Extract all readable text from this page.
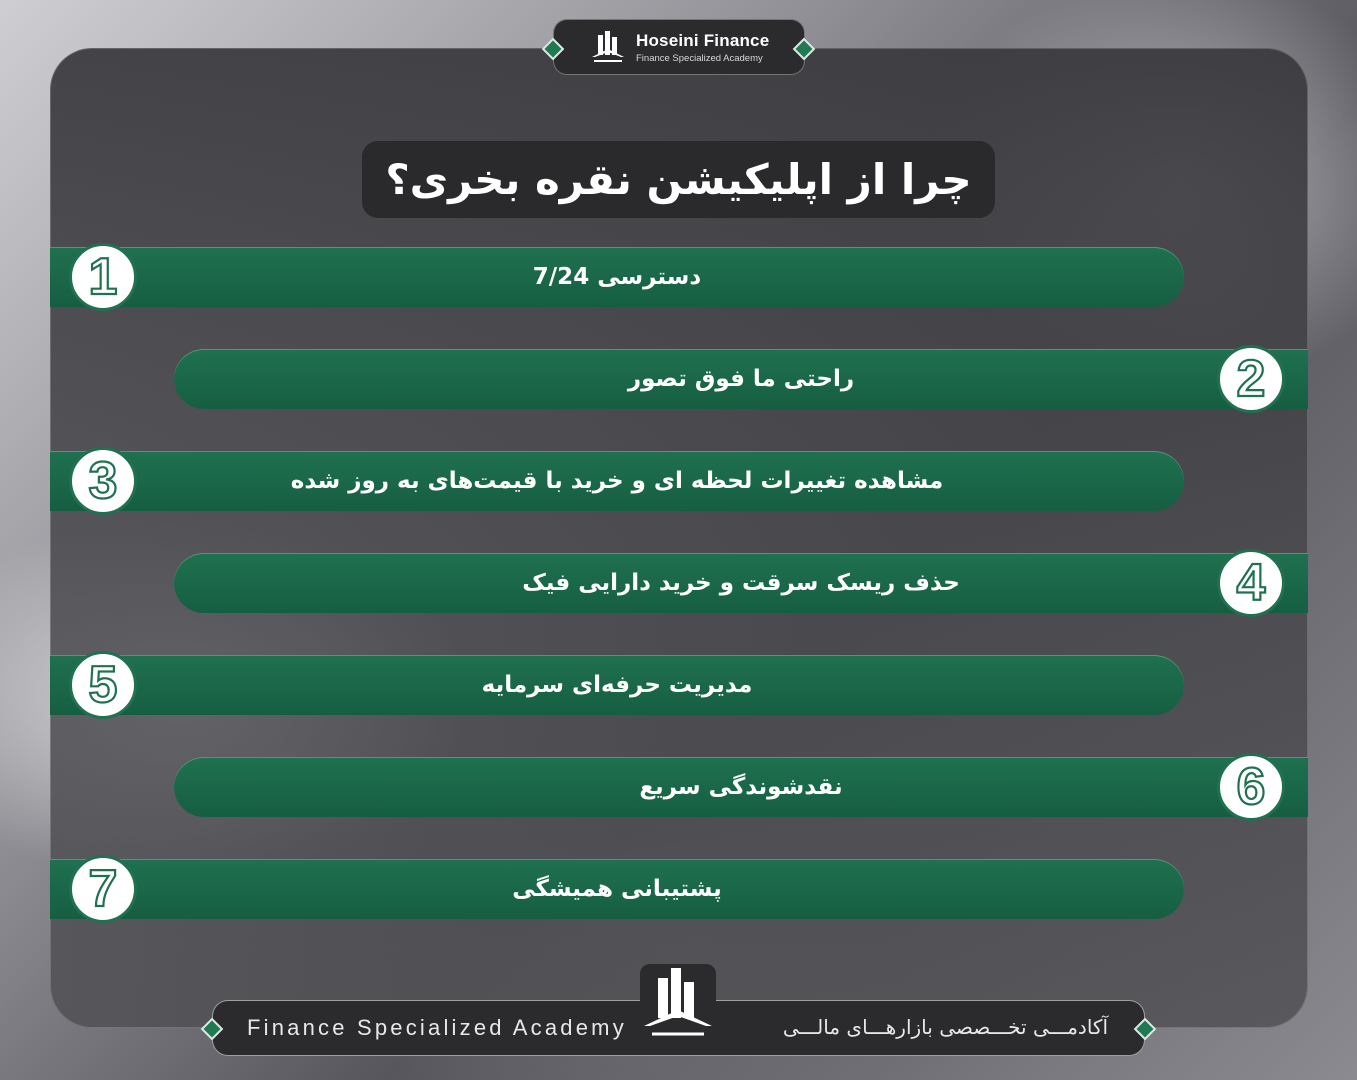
Hoseini Finance
Finance Specialized Academy
چرا از اپلیکیشن نقره بخری؟
دسترسی 7/24
1
راحتی ما فوق تصور	2
مشاهده تغییرات لحظه ای و خرید با قیمت‌های به روز شده
3
حذف ریسک سرقت و خرید دارایی فیک	4
مدیریت حرفه‌ای سرمایه
5
نقدشوندگی سریع	6
پشتیبانی همیشگی
7
Finance Specialized Academy	آکادمـــی تخـــصصی بازارهـــای مالـــی
